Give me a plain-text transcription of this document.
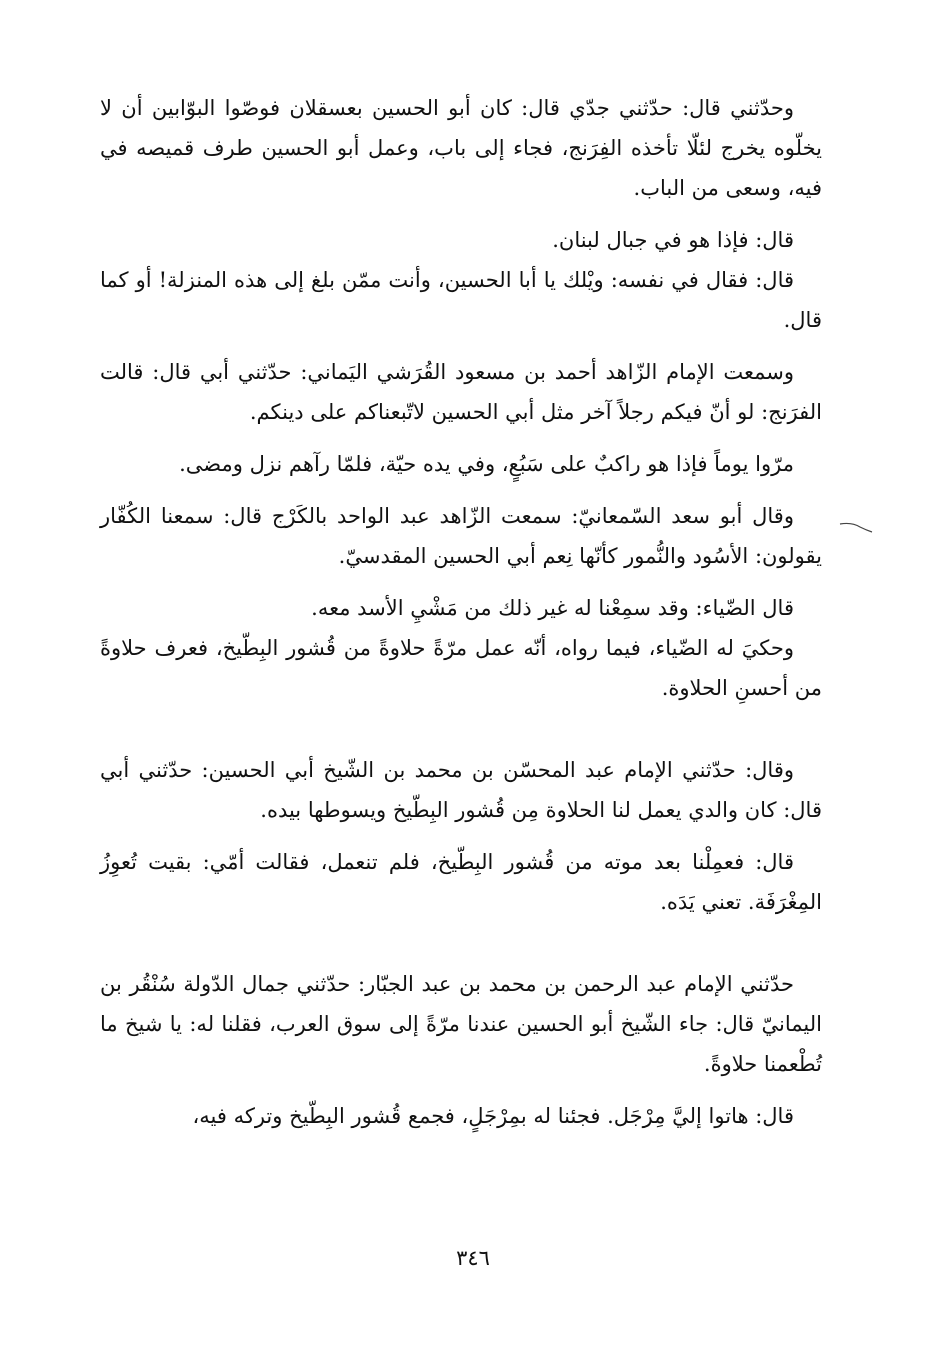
وحدّثني قال: حدّثني جدّي قال: كان أبو الحسين بعسقلان فوصّوا البوّابين أن لا يخلّوه يخرج لئلّا تأخذه الفِرَنج، فجاء إلى باب، وعمل أبو الحسين طرف قميصه في فيه، وسعى من الباب.

قال: فإذا هو في جبال لبنان.

قال: فقال في نفسه: ويْلك يا أبا الحسين، وأنت ممّن بلغ إلى هذه المنزلة! أو كما قال.

وسمعت الإمام الزّاهد أحمد بن مسعود القُرَشي اليَماني: حدّثني أبي قال: قالت الفرَنج: لو أنّ فيكم رجلاً آخر مثل أبي الحسين لاتّبعناكم على دينكم.

مرّوا يوماً فإذا هو راكبٌ على سَبُعٍ، وفي يده حيّة، فلمّا رآهم نزل ومضى.

وقال أبو سعد السّمعانيّ: سمعت الزّاهد عبد الواحد بالكَرْج قال: سمعنا الكُفّار يقولون: الأسُود والنُّمور كأنّها نِعم أبي الحسين المقدسيّ.

قال الضّياء: وقد سمِعْنا له غير ذلك من مَشْيِ الأسد معه.

وحكيَ له الضّياء، فيما رواه، أنّه عمل مرّةً حلاوةً من قُشور البِطّيخ، فعرف حلاوةً من أحسنِ الحلاوة.

وقال: حدّثني الإمام عبد المحسّن بن محمد بن الشّيخ أبي الحسين: حدّثني أبي قال: كان والدي يعمل لنا الحلاوة مِن قُشور البِطّيخ ويسوطها بيده.

قال: فعمِلْنا بعد موته من قُشور البِطّيخ، فلم تنعمل، فقالت أمّي: بقيت تُعوِزُ المِغْرَفَة. تعني يَدَه.

حدّثني الإمام عبد الرحمن بن محمد بن عبد الجبّار: حدّثني جمال الدّولة سُنْقُر بن اليمانيّ قال: جاء الشّيخ أبو الحسين عندنا مرّةً إلى سوق العرب، فقلنا له: يا شيخ ما تُطْعمنا حلاوةً.

قال: هاتوا إليَّ مِرْجَل. فجئنا له بمِرْجَلٍ، فجمع قُشور البِطّيخ وتركه فيه،

٣٤٦
